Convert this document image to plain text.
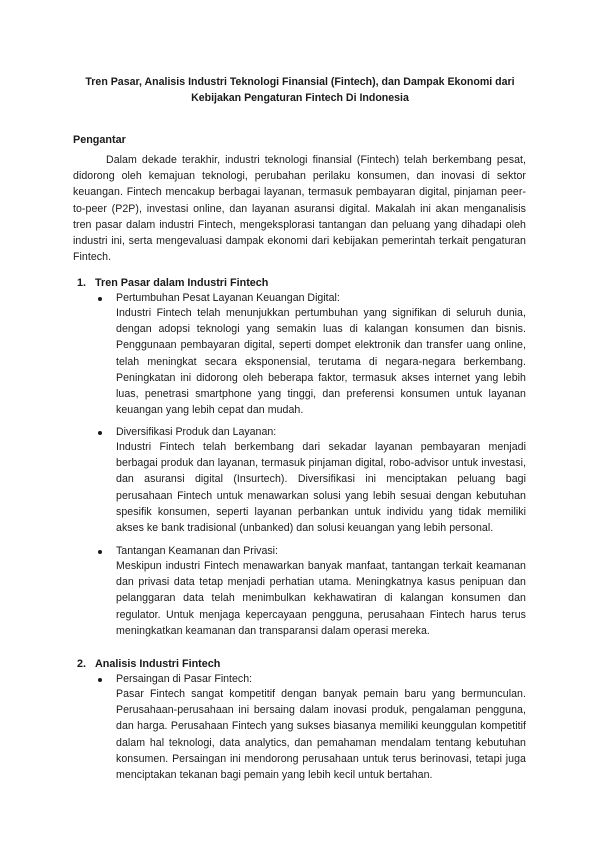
Tren Pasar, Analisis Industri Teknologi Finansial (Fintech), dan Dampak Ekonomi dari Kebijakan Pengaturan Fintech Di Indonesia
Pengantar
Dalam dekade terakhir, industri teknologi finansial (Fintech) telah berkembang pesat, didorong oleh kemajuan teknologi, perubahan perilaku konsumen, dan inovasi di sektor keuangan. Fintech mencakup berbagai layanan, termasuk pembayaran digital, pinjaman peer-to-peer (P2P), investasi online, dan layanan asuransi digital. Makalah ini akan menganalisis tren pasar dalam industri Fintech, mengeksplorasi tantangan dan peluang yang dihadapi oleh industri ini, serta mengevaluasi dampak ekonomi dari kebijakan pemerintah terkait pengaturan Fintech.
1. Tren Pasar dalam Industri Fintech
Pertumbuhan Pesat Layanan Keuangan Digital:
Industri Fintech telah menunjukkan pertumbuhan yang signifikan di seluruh dunia, dengan adopsi teknologi yang semakin luas di kalangan konsumen dan bisnis. Penggunaan pembayaran digital, seperti dompet elektronik dan transfer uang online, telah meningkat secara eksponensial, terutama di negara-negara berkembang. Peningkatan ini didorong oleh beberapa faktor, termasuk akses internet yang lebih luas, penetrasi smartphone yang tinggi, dan preferensi konsumen untuk layanan keuangan yang lebih cepat dan mudah.
Diversifikasi Produk dan Layanan:
Industri Fintech telah berkembang dari sekadar layanan pembayaran menjadi berbagai produk dan layanan, termasuk pinjaman digital, robo-advisor untuk investasi, dan asuransi digital (Insurtech). Diversifikasi ini menciptakan peluang bagi perusahaan Fintech untuk menawarkan solusi yang lebih sesuai dengan kebutuhan spesifik konsumen, seperti layanan perbankan untuk individu yang tidak memiliki akses ke bank tradisional (unbanked) dan solusi keuangan yang lebih personal.
Tantangan Keamanan dan Privasi:
Meskipun industri Fintech menawarkan banyak manfaat, tantangan terkait keamanan dan privasi data tetap menjadi perhatian utama. Meningkatnya kasus penipuan dan pelanggaran data telah menimbulkan kekhawatiran di kalangan konsumen dan regulator. Untuk menjaga kepercayaan pengguna, perusahaan Fintech harus terus meningkatkan keamanan dan transparansi dalam operasi mereka.
2. Analisis Industri Fintech
Persaingan di Pasar Fintech:
Pasar Fintech sangat kompetitif dengan banyak pemain baru yang bermunculan. Perusahaan-perusahaan ini bersaing dalam inovasi produk, pengalaman pengguna, dan harga. Perusahaan Fintech yang sukses biasanya memiliki keunggulan kompetitif dalam hal teknologi, data analytics, dan pemahaman mendalam tentang kebutuhan konsumen. Persaingan ini mendorong perusahaan untuk terus berinovasi, tetapi juga menciptakan tekanan bagi pemain yang lebih kecil untuk bertahan.
